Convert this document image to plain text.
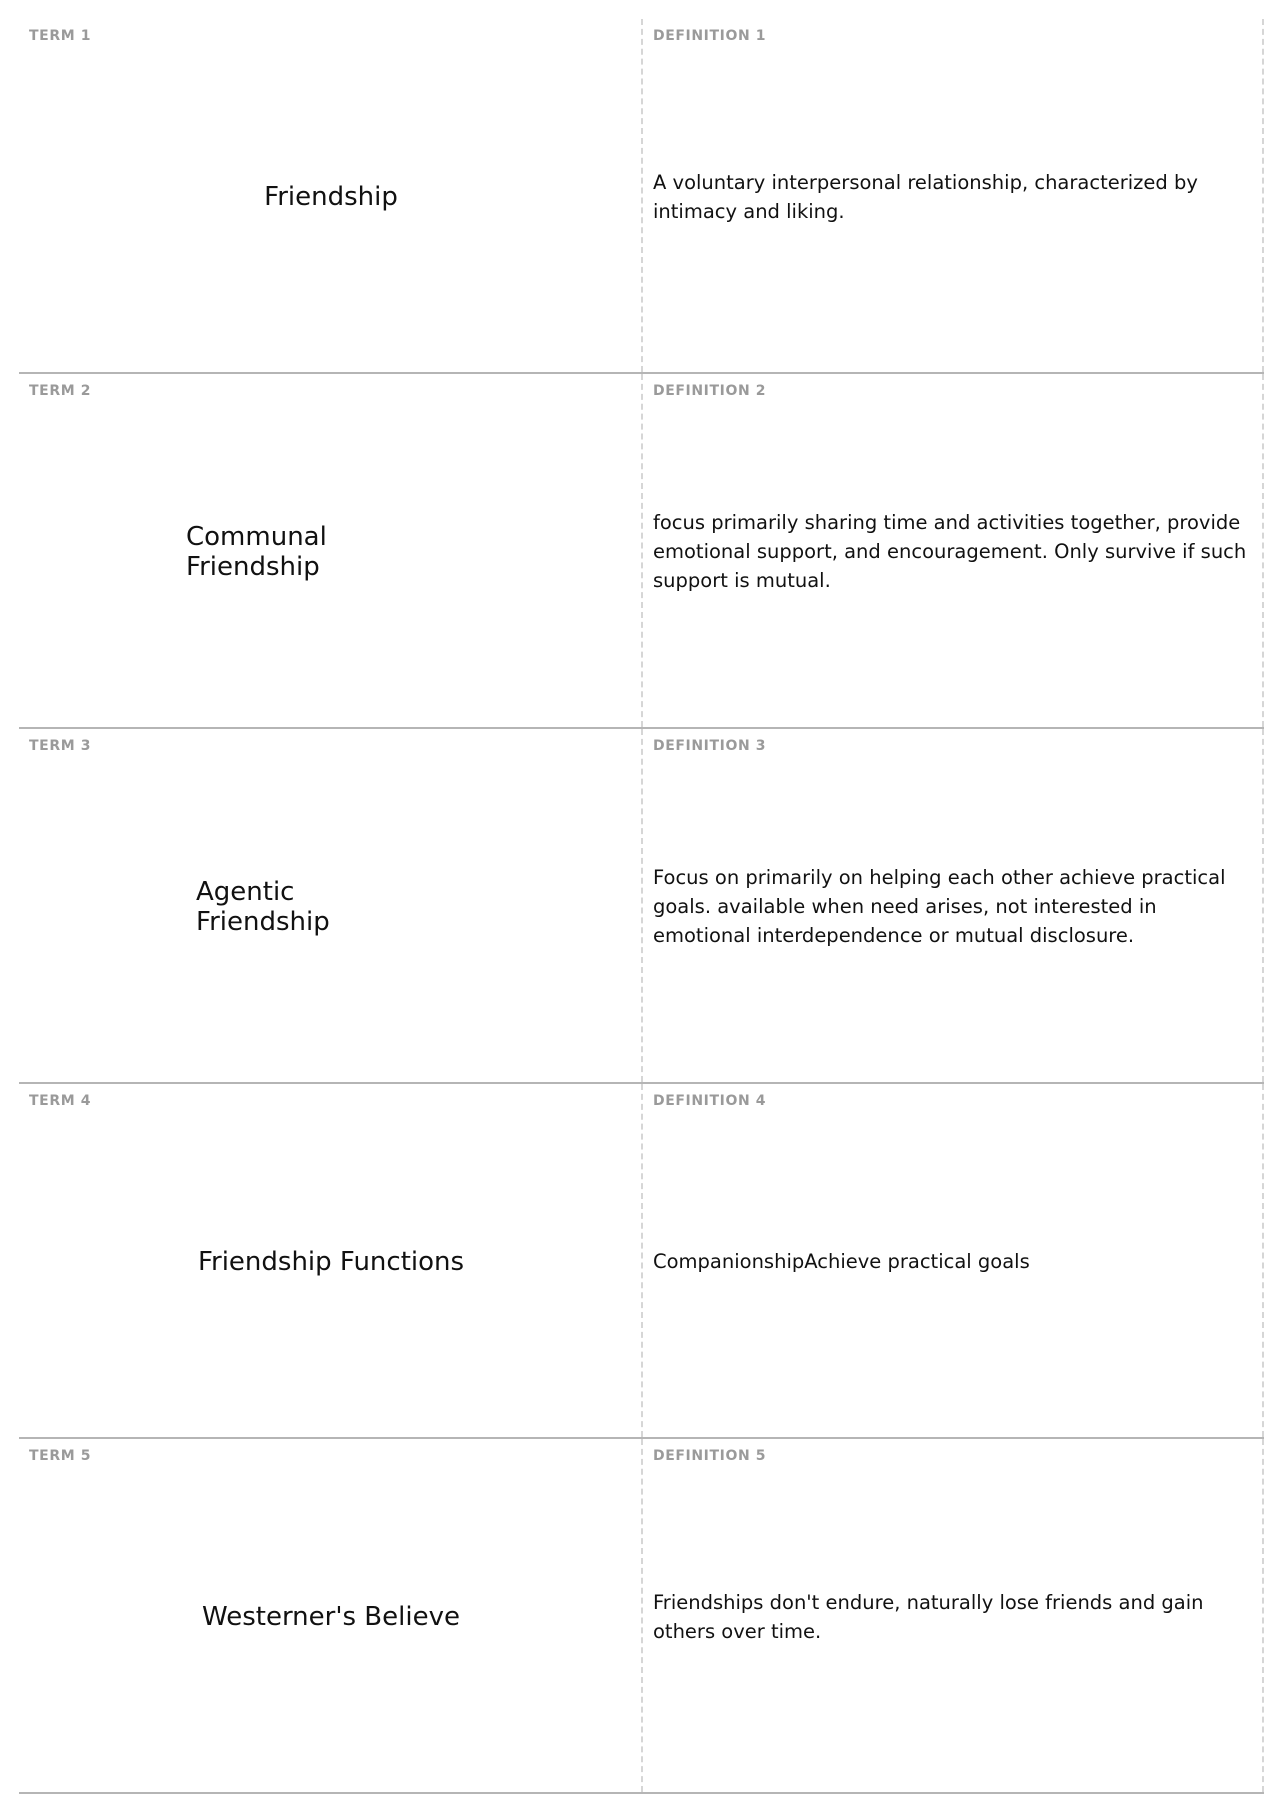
TERM 1
Friendship
DEFINITION 1
A voluntary interpersonal relationship, characterized by intimacy and liking.
TERM 2
Communal Friendship
DEFINITION 2
focus primarily sharing time and activities together, provide emotional support, and encouragement. Only survive if such support is mutual.
TERM 3
Agentic Friendship
DEFINITION 3
Focus on primarily on helping each other achieve practical goals. available when need arises, not interested in emotional interdependence or mutual disclosure.
TERM 4
Friendship Functions
DEFINITION 4
CompanionshipAchieve practical goals
TERM 5
Westerner's Believe
DEFINITION 5
Friendships don't endure, naturally lose friends and gain others over time.
